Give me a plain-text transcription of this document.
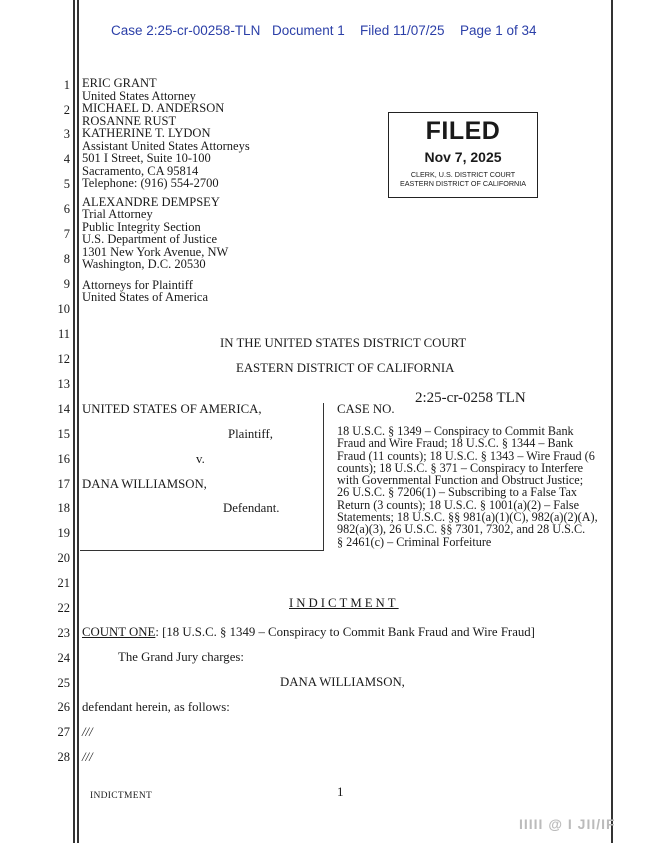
Case 2:25-cr-00258-TLN Document 1 Filed 11/07/25 Page 1 of 34
1
2
3
4
5
6
7
8
9
10
11
12
13
14
15
16
17
18
19
20
21
22
23
24
25
26
27
28
ERIC GRANT
United States Attorney
MICHAEL D. ANDERSON
ROSANNE RUST
KATHERINE T. LYDON
Assistant United States Attorneys
501 I Street, Suite 10-100
Sacramento, CA 95814
Telephone: (916) 554-2700
ALEXANDRE DEMPSEY
Trial Attorney
Public Integrity Section
U.S. Department of Justice
1301 New York Avenue, NW
Washington, D.C. 20530
Attorneys for Plaintiff
United States of America
FILED
Nov 7, 2025
CLERK, U.S. DISTRICT COURT
EASTERN DISTRICT OF CALIFORNIA
IN THE UNITED STATES DISTRICT COURT
EASTERN DISTRICT OF CALIFORNIA
UNITED STATES OF AMERICA,
Plaintiff,
v.
DANA WILLIAMSON,
Defendant.
CASE NO.
2:25-cr-0258 TLN
18 U.S.C. § 1349 – Conspiracy to Commit Bank
Fraud and Wire Fraud; 18 U.S.C. § 1344 – Bank
Fraud (11 counts); 18 U.S.C. § 1343 – Wire Fraud (6
counts); 18 U.S.C. § 371 – Conspiracy to Interfere
with Governmental Function and Obstruct Justice;
26 U.S.C. § 7206(1) – Subscribing to a False Tax
Return (3 counts); 18 U.S.C. § 1001(a)(2) – False
Statements; 18 U.S.C. §§ 981(a)(1)(C), 982(a)(2)(A),
982(a)(3), 26 U.S.C. §§ 7301, 7302, and 28 U.S.C.
§ 2461(c) – Criminal Forfeiture
INDICTMENT
COUNT ONE: [18 U.S.C. § 1349 – Conspiracy to Commit Bank Fraud and Wire Fraud]
The Grand Jury charges:
DANA WILLIAMSON,
defendant herein, as follows:
///
///
INDICTMENT	1
IIIII @ I JII/IF
